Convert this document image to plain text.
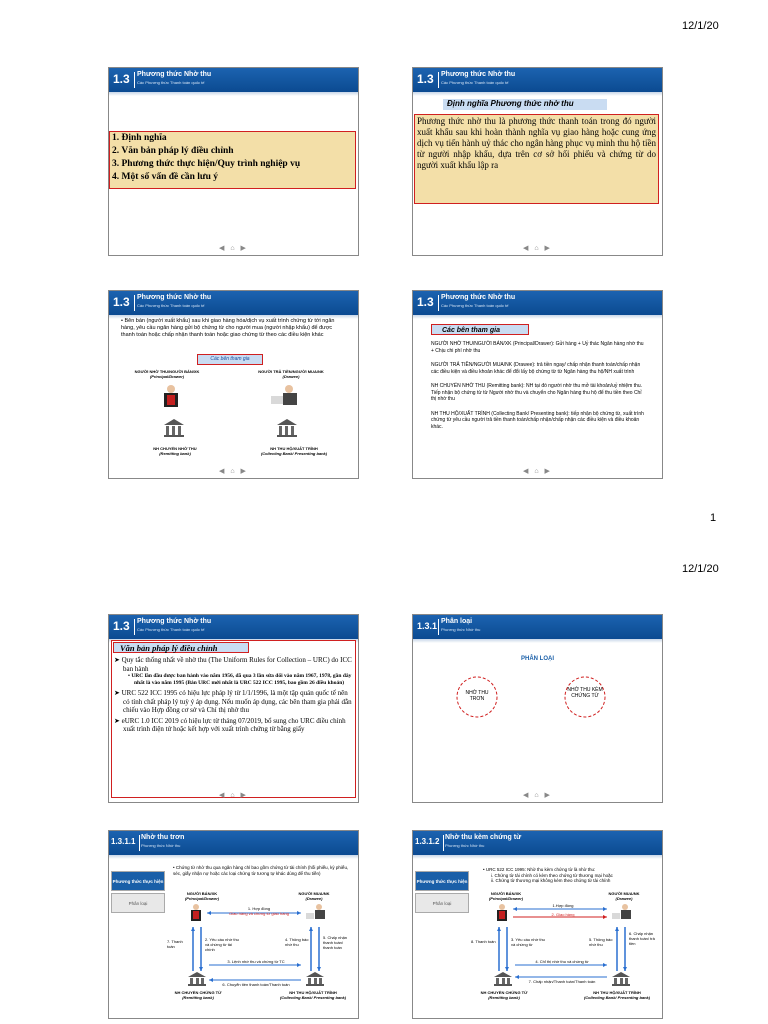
12/1/20
1
12/1/20
1.3 Phương thức Nhờ thu
Các Phương thức Thanh toán quốc tế
1. Định nghĩa
2. Văn bản pháp lý điều chỉnh
3. Phương thức thực hiện/Quy trình nghiệp vụ
4. Một số vấn đề cần lưu ý
◀ ⌂ ▶
1.3 Phương thức Nhờ thu
Các Phương thức Thanh toán quốc tế
Định nghĩa Phương thức nhờ thu
Phương thức nhờ thu là phương thức thanh toán trong đó người xuất khẩu sau khi hoàn thành nghĩa vụ giao hàng hoặc cung ứng dịch vụ tiến hành uỷ thác cho ngân hàng phục vụ mình thu hộ tiền từ người nhập khẩu, dựa trên cơ sở hối phiếu và chứng từ do người xuất khẩu lập ra
◀ ⌂ ▶
1.3 Phương thức Nhờ thu
Các Phương thức Thanh toán quốc tế
• Bên bán (người xuất khẩu) sau khi giao hàng hóa/dịch vụ xuất trình chứng từ tới ngân hàng, yêu cầu ngân hàng gửi bộ chứng từ cho người mua (người nhập khẩu) để được thanh toán hoặc chấp nhận thanh toán hoặc giao chứng từ theo các điều kiện khác
Các bên tham gia
NGƯỜI NHỜ THU/NGƯỜI BÁN/XK
(Principal/Drawer)
NGƯỜI TRẢ TIỀN/NGƯỜI MUA/NK
(Drawee)
NH CHUYỂN NHỜ THU
(Remitting bank)
NH THU HỘ/XUẤT TRÌNH
(Collecting Bank/ Presenting bank)
◀ ⌂ ▶
1.3 Phương thức Nhờ thu
Các Phương thức Thanh toán quốc tế
Các bên tham gia
NGƯỜI NHỜ THU/NGƯỜI BÁN/XK (Principal/Drawer): Gửi hàng + Uỷ thác Ngân hàng nhờ thu + Chịu chi phí nhờ thu
NGƯỜI TRẢ TIỀN/NGƯỜI MUA/NK (Drawee): trả tiền ngay/ chấp nhận thanh toán/chấp nhận các điều kiện và điều khoản khác để đổi lấy bộ chứng từ từ Ngân hàng thu hộ/NH xuất trình
NH CHUYỂN NHỜ THU (Remitting bank): NH tại đó người nhờ thu mở tài khoản/uỷ nhiệm thu. Tiếp nhận bộ chứng từ từ Người nhờ thu và chuyển cho Ngân hàng thu hộ để thu tiền theo Chỉ thị nhờ thu
NH THU HỘ/XUẤT TRÌNH (Collecting Bank/ Presenting bank): tiếp nhận bộ chứng từ, xuất trình chứng từ yêu cầu người trả tiền thanh toán/chấp nhận/chấp nhận các điều kiện và điều khoản khác.
◀ ⌂ ▶
1.3 Phương thức Nhờ thu
Các Phương thức Thanh toán quốc tế
Văn bản pháp lý điều chỉnh
➤ Quy tắc thống nhất về nhờ thu (The Uniform Rules for Collection – URC) do ICC ban hành
• URC lần đầu được ban hành vào năm 1956, đã qua 3 lần sửa đổi vào năm 1967, 1978, gần đây nhất là vào năm 1995 (Bản URC mới nhất là URC 522 ICC 1995, bao gồm 26 điều khoản)
➤ URC 522 ICC 1995 có hiệu lực pháp lý từ 1/1/1996, là một tập quán quốc tế nên có tính chất pháp lý tuỳ ý áp dụng. Nếu muốn áp dụng, các bên tham gia phải dẫn chiếu vào Hợp đồng cơ sở và Chỉ thị nhờ thu
➤ eURC 1.0 ICC 2019 có hiệu lực từ tháng 07/2019, bổ sung cho URC điều chỉnh xuất trình điện tử hoặc kết hợp với xuất trình chứng từ bằng giấy
◀ ⌂ ▶
1.3.1 Phân loại
Phương thức Nhờ thu
PHÂN LOẠI
NHỜ THU TRƠN
NHỜ THU KÈM CHỨNG TỪ
◀ ⌂ ▶
1.3.1.1 Nhờ thu trơn
Phương thức Nhờ thu
Phương thức thực hiện
Phân loại
• Chứng từ nhờ thu qua ngân hàng chỉ bao gồm chứng từ tài chính (hối phiếu, kỳ phiếu, séc, giấy nhận nợ hoặc các loại chứng từ tương tự khác dùng để thu tiền)
NGƯỜI BÁN/XK
(Principal/Drawer)
NGƯỜI MUA/NK
(Drawee)
1. Hợp đồng
Giao hàng và chứng từ giao hàng
7. Thanh toán
2. Yêu cầu nhờ thu và chứng từ tài chính
4. Thông báo nhờ thu
5. Chấp nhận thanh toán/ thanh toán
3. Lệnh nhờ thu và chứng từ TC
6. Chuyển tiền thanh toán/Thanh toán
NH CHUYỂN CHỨNG TỪ
(Remitting bank)
NH THU HỘ/XUẤT TRÌNH
(Collecting Bank/ Presenting bank)
1.3.1.2 Nhờ thu kèm chứng từ
Phương thức Nhờ thu
Phương thức thực hiện
Phân loại
• URC 522 ICC 1995: Nhờ thu kèm chứng từ là nhờ thu:
i. Chứng từ tài chính có kèm theo chứng từ thương mại hoặc
ii. Chứng từ thương mại không kèm theo chứng từ tài chính
NGƯỜI BÁN/XK
(Principal/Drawer)
NGƯỜI MUA/NK
(Drawee)
1.Hợp đồng
2. Giao hàng
8. Thanh toán	3. Yêu cầu nhờ thu và chứng từ
5. Thông báo nhờ thu
6. Chấp nhận thanh toán/ trả tiền
4. Chỉ thị nhờ thu và chứng từ
7. Chấp nhận/Thanh toán/Thanh toán
NH CHUYỂN CHỨNG TỪ
(Remitting bank)
NH THU HỘ/XUẤT TRÌNH
(Collecting Bank/ Presenting bank)
